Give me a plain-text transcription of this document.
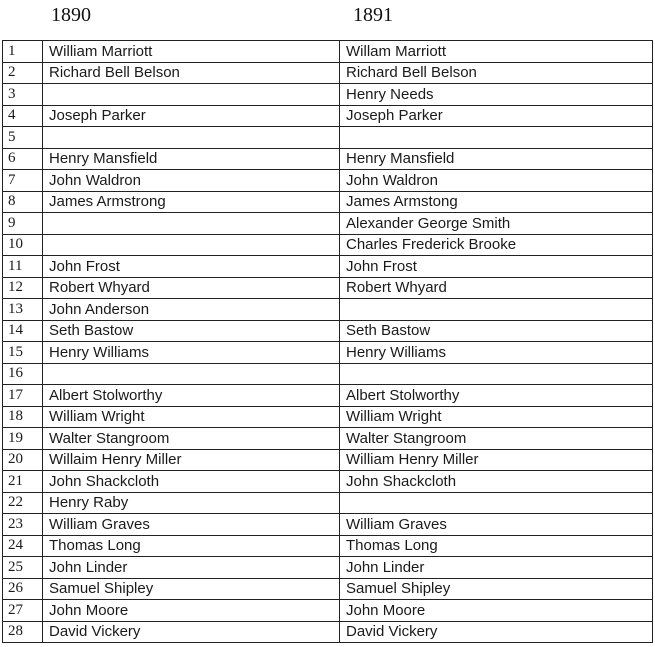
1890	1891
1	William Marriott	Willam Marriott
2	Richard Bell Belson	Richard Bell Belson
3		Henry Needs
4	Joseph Parker	Joseph Parker
5		
6	Henry Mansfield	Henry Mansfield
7	John Waldron	John Waldron
8	James Armstrong	James Armstong
9		Alexander George Smith
10		Charles Frederick Brooke
11	John Frost	John Frost
12	Robert Whyard	Robert Whyard
13	John Anderson	
14	Seth Bastow	Seth Bastow
15	Henry Williams	Henry Williams
16		
17	Albert Stolworthy	Albert Stolworthy
18	William Wright	William Wright
19	Walter Stangroom	Walter Stangroom
20	Willaim Henry Miller	William Henry Miller
21	John Shackcloth	John Shackcloth
22	Henry Raby	
23	William Graves	William Graves
24	Thomas Long	Thomas Long
25	John Linder	John Linder
26	Samuel Shipley	Samuel Shipley
27	John Moore	John Moore
28	David Vickery	David Vickery
